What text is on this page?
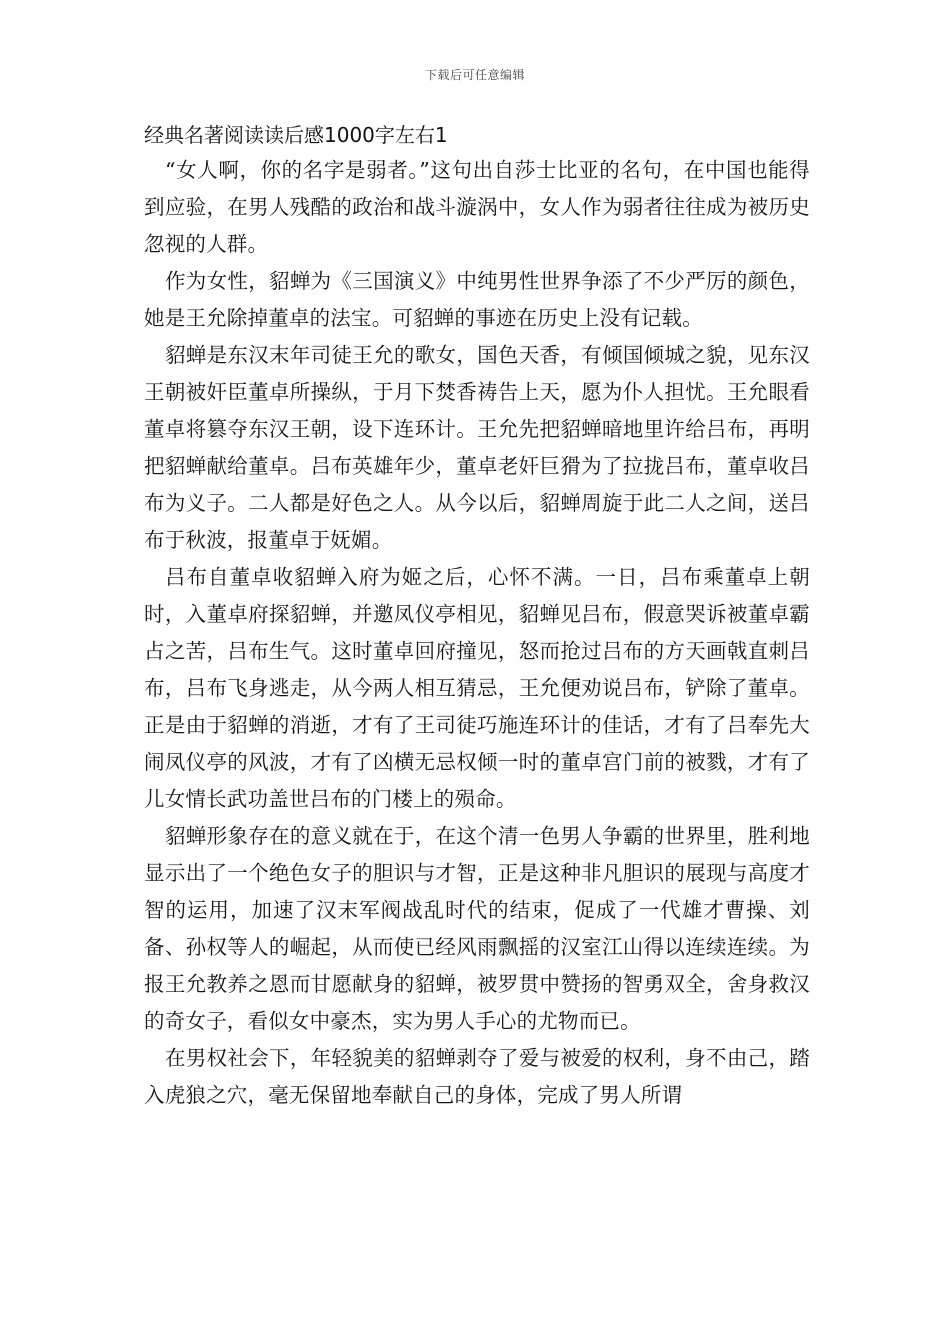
下载后可任意编辑
经典名著阅读读后感1000字左右1

“女人啊，你的名字是弱者。”这句出自莎士比亚的名句，在中国也能得到应验，在男人残酷的政治和战斗漩涡中，女人作为弱者往往成为被历史忽视的人群。

作为女性，貂蝉为《三国演义》中纯男性世界争添了不少严厉的颜色，她是王允除掉董卓的法宝。可貂蝉的事迹在历史上没有记载。

貂蝉是东汉末年司徒王允的歌女，国色天香，有倾国倾城之貌，见东汉王朝被奸臣董卓所操纵，于月下焚香祷告上天，愿为仆人担忧。王允眼看董卓将篡夺东汉王朝，设下连环计。王允先把貂蝉暗地里许给吕布，再明把貂蝉献给董卓。吕布英雄年少，董卓老奸巨猾为了拉拢吕布，董卓收吕布为义子。二人都是好色之人。从今以后，貂蝉周旋于此二人之间，送吕布于秋波，报董卓于妩媚。

吕布自董卓收貂蝉入府为姬之后，心怀不满。一日，吕布乘董卓上朝时，入董卓府探貂蝉，并邀凤仪亭相见，貂蝉见吕布，假意哭诉被董卓霸占之苦，吕布生气。这时董卓回府撞见，怒而抢过吕布的方天画戟直刺吕布，吕布飞身逃走，从今两人相互猜忌，王允便劝说吕布，铲除了董卓。正是由于貂蝉的消逝，才有了王司徒巧施连环计的佳话，才有了吕奉先大闹凤仪亭的风波，才有了凶横无忌权倾一时的董卓宫门前的被戮，才有了儿女情长武功盖世吕布的门楼上的殒命。

貂蝉形象存在的意义就在于，在这个清一色男人争霸的世界里，胜利地显示出了一个绝色女子的胆识与才智，正是这种非凡胆识的展现与高度才智的运用，加速了汉末军阀战乱时代的结束，促成了一代雄才曹操、刘备、孙权等人的崛起，从而使已经风雨飘摇的汉室江山得以连续连续。为报王允教养之恩而甘愿献身的貂蝉，被罗贯中赞扬的智勇双全，舍身救汉的奇女子，看似女中豪杰，实为男人手心的尤物而已。

在男权社会下，年轻貌美的貂蝉剥夺了爱与被爱的权利，身不由己，踏入虎狼之穴，毫无保留地奉献自己的身体，完成了男人所谓
